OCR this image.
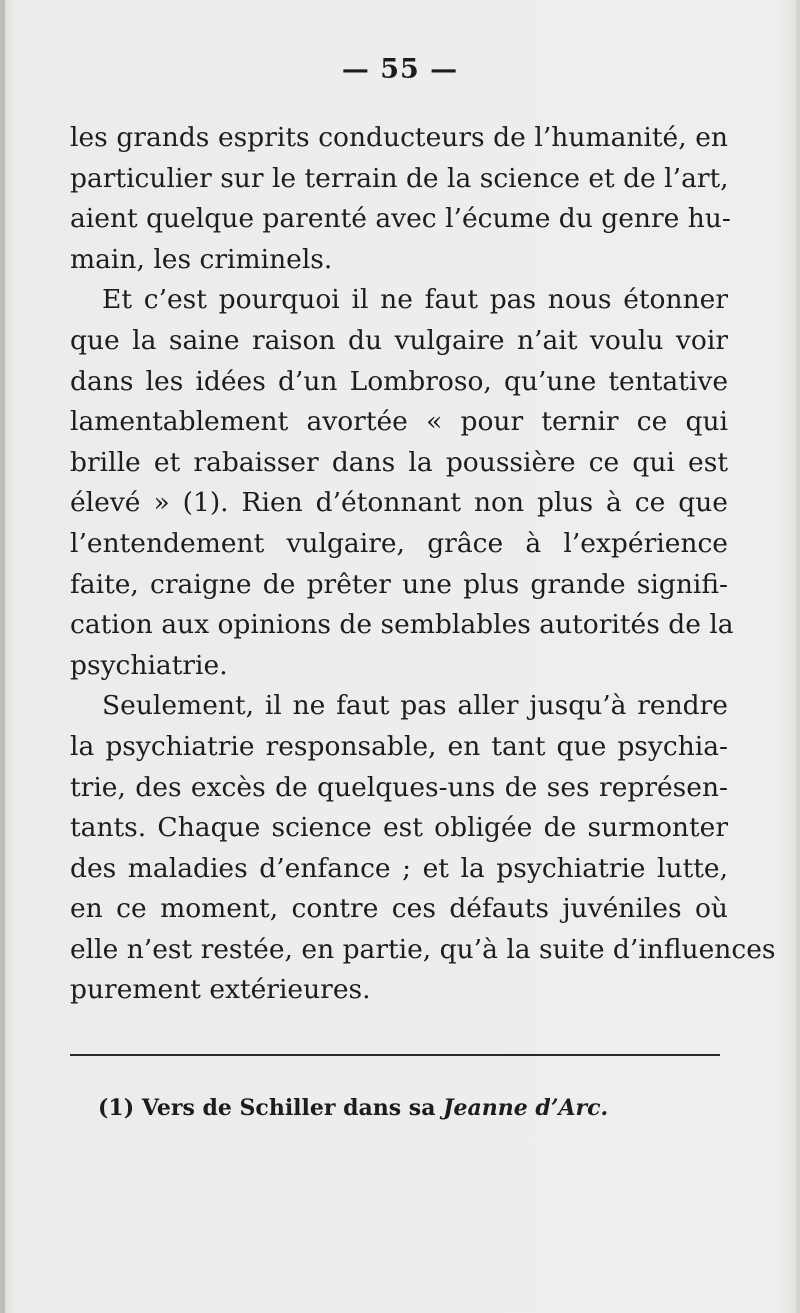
— 55 —
les grands esprits conducteurs de l’humanité, en
particulier sur le terrain de la science et de l’art,
aient quelque parenté avec l’écume du genre hu-
main, les criminels.
Et c’est pourquoi il ne faut pas nous étonner
que la saine raison du vulgaire n’ait voulu voir
dans les idées d’un Lombroso, qu’une tentative
lamentablement avortée « pour ternir ce qui
brille et rabaisser dans la poussière ce qui est
élevé » (1). Rien d’étonnant non plus à ce que
l’entendement vulgaire, grâce à l’expérience
faite, craigne de prêter une plus grande signifi-
cation aux opinions de semblables autorités de la
psychiatrie.
Seulement, il ne faut pas aller jusqu’à rendre
la psychiatrie responsable, en tant que psychia-
trie, des excès de quelques-uns de ses représen-
tants. Chaque science est obligée de surmonter
des maladies d’enfance ; et la psychiatrie lutte,
en ce moment, contre ces défauts juvéniles où
elle n’est restée, en partie, qu’à la suite d’influences
purement extérieures.
(1) Vers de Schiller dans sa Jeanne d’Arc.
